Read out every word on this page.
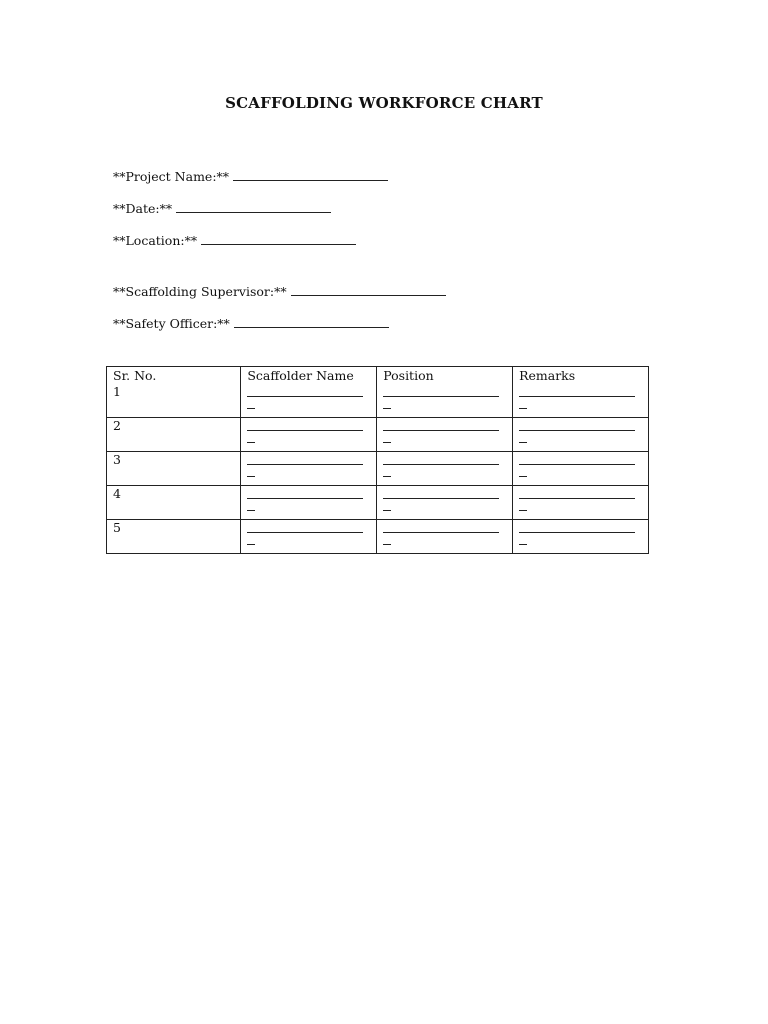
SCAFFOLDING WORKFORCE CHART
**Project Name:**
**Date:**
**Location:**
**Scaffolding Supervisor:**
**Safety Officer:**
Sr. No.	Scaffolder Name	Position	Remarks

1			

2			

3			

4			

5			
